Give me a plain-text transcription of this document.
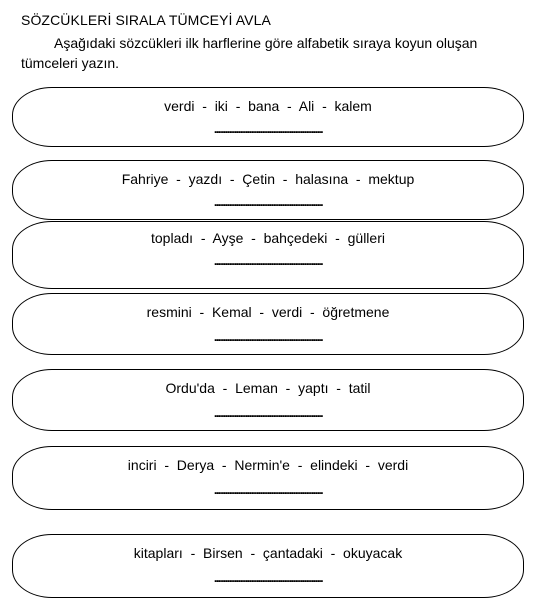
SÖZCÜKLERİ SIRALA TÜMCEYİ AVLA
Aşağıdaki sözcükleri ilk harflerine göre alfabetik sıraya koyun oluşan tümceleri yazın.
verdi  -  iki  -  bana  -  Ali  -  kalem
...........................................................
Fahriye  -  yazdı  -  Çetin  -  halasına  -  mektup
...........................................................
topladı  -  Ayşe  -  bahçedeki  -  gülleri
...........................................................
resmini  -  Kemal  -  verdi  -  öğretmene
...........................................................
Ordu'da  -  Leman  -  yaptı  -  tatil
...........................................................
inciri  -  Derya  -  Nermin'e  -  elindeki  -  verdi
...........................................................
kitapları  -  Birsen  -  çantadaki  -  okuyacak
...........................................................
